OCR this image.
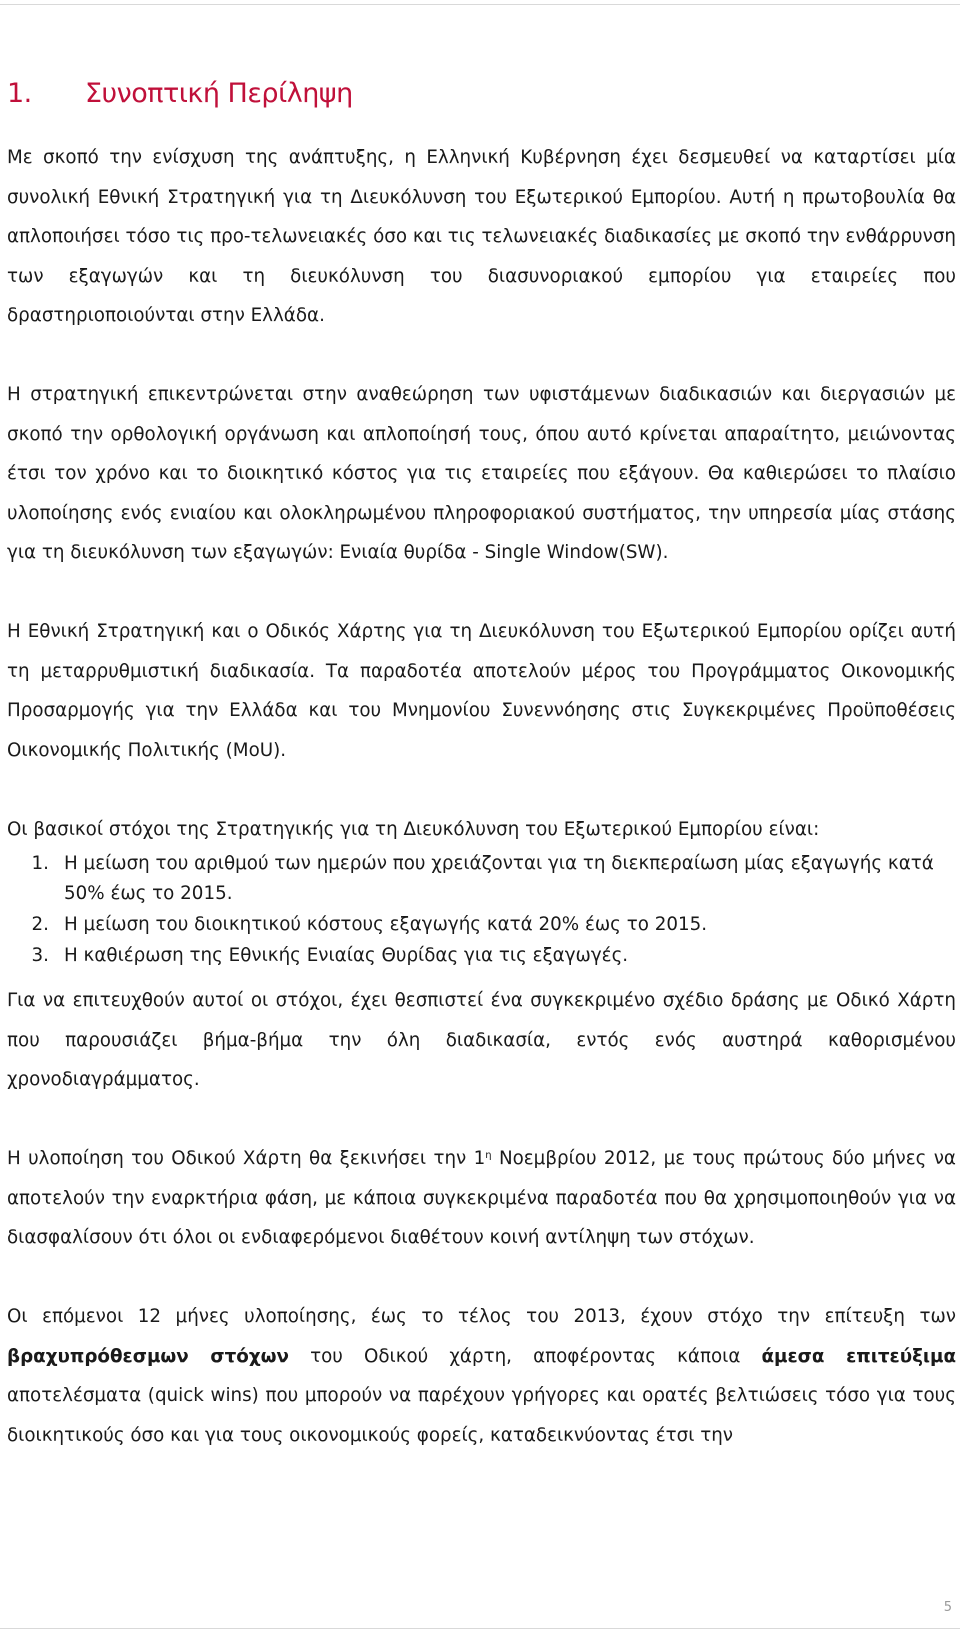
1.	Συνοπτική Περίληψη

Με σκοπό την ενίσχυση της ανάπτυξης, η Ελληνική Κυβέρνηση έχει δεσμευθεί να καταρτίσει μία συνολική Εθνική Στρατηγική για τη Διευκόλυνση του Εξωτερικού Εμπορίου. Αυτή η πρωτοβουλία θα απλοποιήσει τόσο τις προ-τελωνειακές όσο και τις τελωνειακές διαδικασίες με σκοπό την ενθάρρυνση των εξαγωγών και τη διευκόλυνση του διασυνοριακού εμπορίου για εταιρείες που δραστηριοποιούνται στην Ελλάδα.

Η στρατηγική επικεντρώνεται στην αναθεώρηση των υφιστάμενων διαδικασιών και διεργασιών με σκοπό την ορθολογική οργάνωση και απλοποίησή τους, όπου αυτό κρίνεται απαραίτητο, μειώνοντας έτσι τον χρόνο και το διοικητικό κόστος για τις εταιρείες που εξάγουν. Θα καθιερώσει το πλαίσιο υλοποίησης ενός ενιαίου και ολοκληρωμένου πληροφοριακού συστήματος, την υπηρεσία μίας στάσης για τη διευκόλυνση των εξαγωγών: Ενιαία θυρίδα - Single Window(SW).

Η Εθνική Στρατηγική και ο Οδικός Χάρτης για τη Διευκόλυνση του Εξωτερικού Εμπορίου ορίζει αυτή τη μεταρρυθμιστική διαδικασία. Τα παραδοτέα αποτελούν μέρος του Προγράμματος Οικονομικής Προσαρμογής για την Ελλάδα και του Μνημονίου Συνεννόησης στις Συγκεκριμένες Προϋποθέσεις Οικονομικής Πολιτικής (MoU).

Οι βασικοί στόχοι της Στρατηγικής για τη Διευκόλυνση του Εξωτερικού Εμπορίου είναι:

1. Η μείωση του αριθμού των ημερών που χρειάζονται για τη διεκπεραίωση μίας εξαγωγής κατά 50% έως το 2015.
2. Η μείωση του διοικητικού κόστους εξαγωγής κατά 20% έως το 2015.
3. Η καθιέρωση της Εθνικής Ενιαίας Θυρίδας για τις εξαγωγές.

Για να επιτευχθούν αυτοί οι στόχοι, έχει θεσπιστεί ένα συγκεκριμένο σχέδιο δράσης με Οδικό Χάρτη που παρουσιάζει βήμα-βήμα την όλη διαδικασία, εντός ενός αυστηρά καθορισμένου χρονοδιαγράμματος.

Η υλοποίηση του Οδικού Χάρτη θα ξεκινήσει την $1^\eta$ Νοεμβρίου 2012, με τους πρώτους δύο μήνες να αποτελούν την εναρκτήρια φάση, με κάποια συγκεκριμένα παραδοτέα που θα χρησιμοποιηθούν για να διασφαλίσουν ότι όλοι οι ενδιαφερόμενοι διαθέτουν κοινή αντίληψη των στόχων.

Οι επόμενοι 12 μήνες υλοποίησης, έως το τέλος του 2013, έχουν στόχο την επίτευξη των βραχυπρόθεσμων στόχων του Οδικού χάρτη, αποφέροντας κάποια άμεσα επιτεύξιμα αποτελέσματα (quick wins) που μπορούν να παρέχουν γρήγορες και ορατές βελτιώσεις τόσο για τους διοικητικούς όσο και για τους οικονομικούς φορείς, καταδεικνύοντας έτσι την

5
